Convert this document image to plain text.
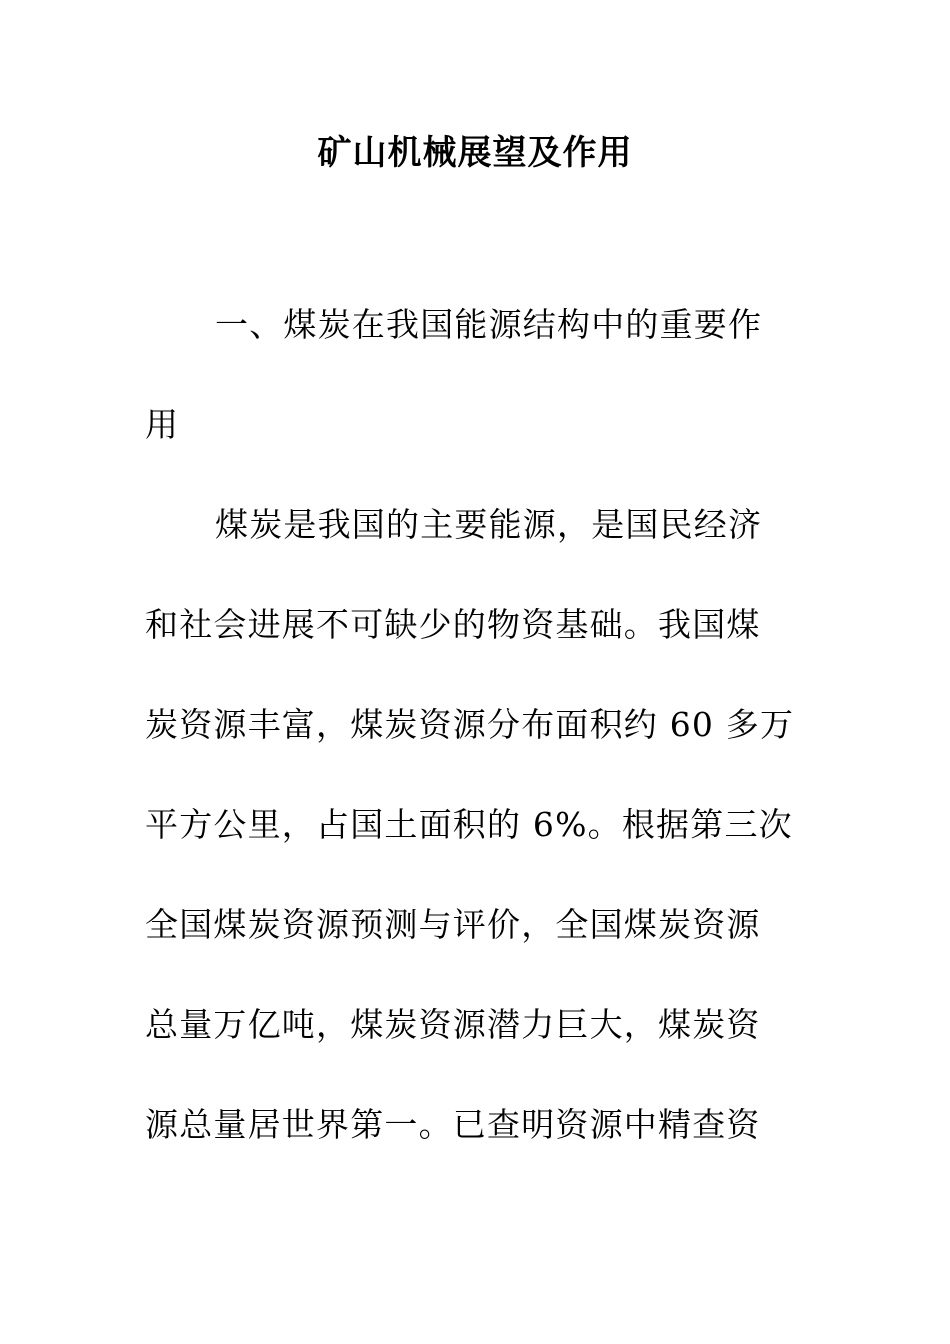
矿山机械展望及作用
一、煤炭在我国能源结构中的重要作
用
煤炭是我国的主要能源，是国民经济
和社会进展不可缺少的物资基础。我国煤
炭资源丰富，煤炭资源分布面积约 60 多万
平方公里，占国土面积的 6%。根据第三次
全国煤炭资源预测与评价，全国煤炭资源
总量万亿吨，煤炭资源潜力巨大，煤炭资
源总量居世界第一。已查明资源中精查资
